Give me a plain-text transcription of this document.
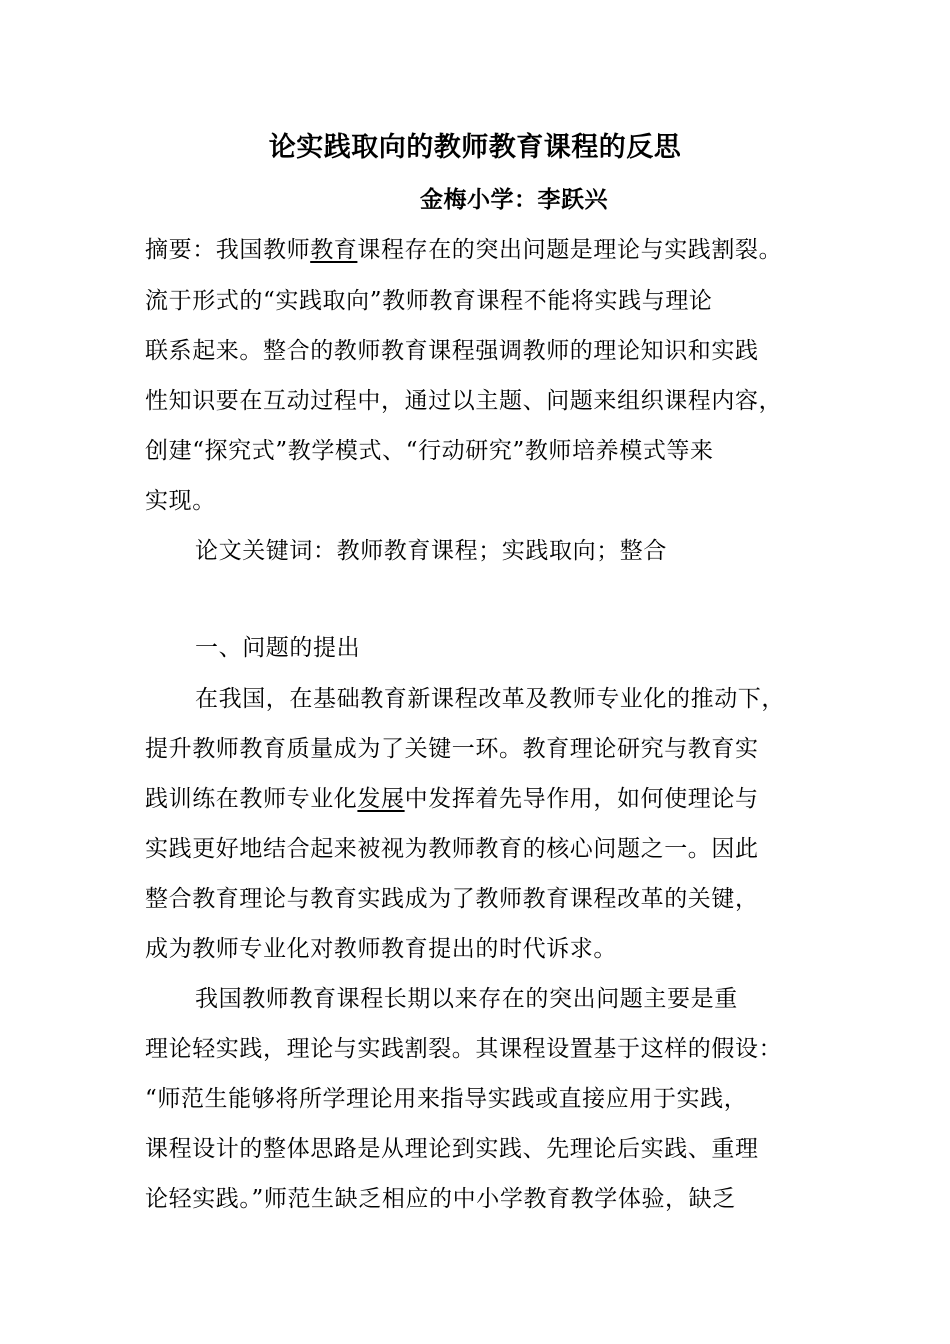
论实践取向的教师教育课程的反思
金梅小学：李跃兴
摘要：我国教师教育课程存在的突出问题是理论与实践割裂。
流于形式的“实践取向”教师教育课程不能将实践与理论
联系起来。整合的教师教育课程强调教师的理论知识和实践
性知识要在互动过程中，通过以主题、问题来组织课程内容，
创建“探究式”教学模式、“行动研究”教师培养模式等来
实现。
论文关键词：教师教育课程；实践取向；整合
一、问题的提出
在我国，在基础教育新课程改革及教师专业化的推动下，
提升教师教育质量成为了关键一环。教育理论研究与教育实
践训练在教师专业化发展中发挥着先导作用，如何使理论与
实践更好地结合起来被视为教师教育的核心问题之一。因此
整合教育理论与教育实践成为了教师教育课程改革的关键，
成为教师专业化对教师教育提出的时代诉求。
我国教师教育课程长期以来存在的突出问题主要是重
理论轻实践，理论与实践割裂。其课程设置基于这样的假设：
“师范生能够将所学理论用来指导实践或直接应用于实践，
课程设计的整体思路是从理论到实践、先理论后实践、重理
论轻实践。”师范生缺乏相应的中小学教育教学体验，缺乏
